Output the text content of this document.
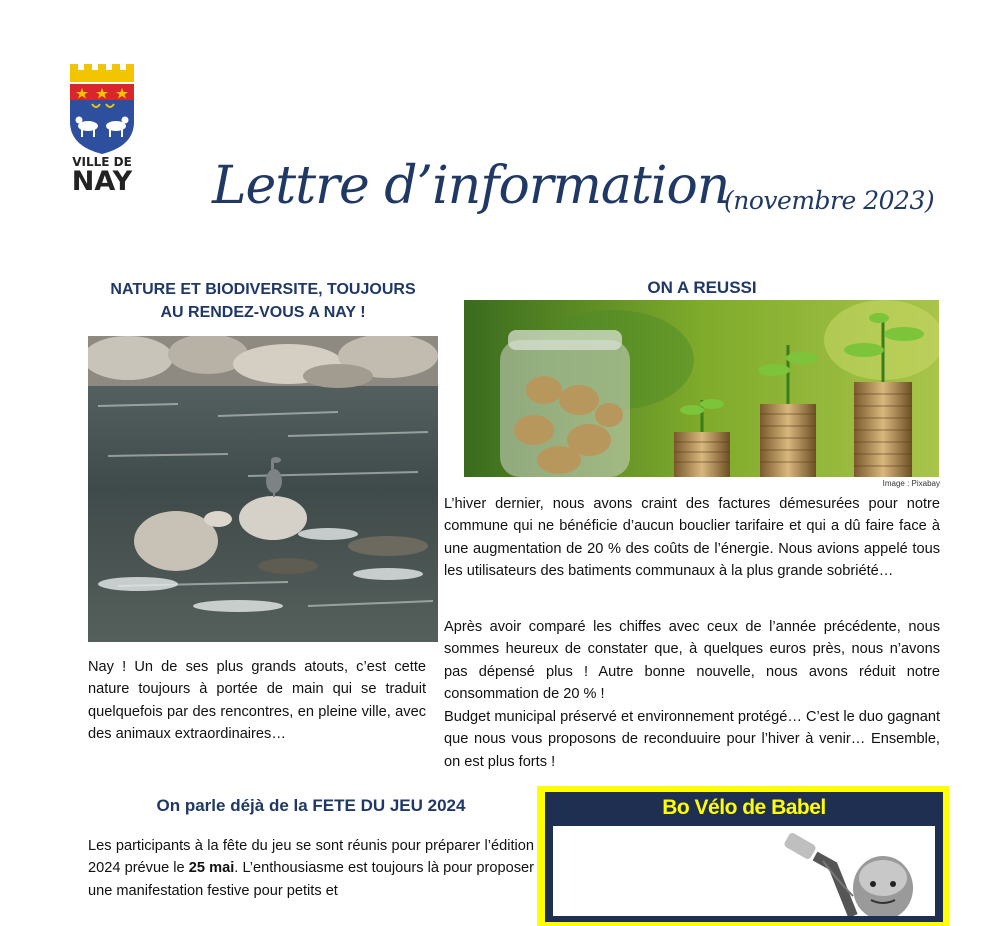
VILLE DE
NAY Lettre d’information
(novembre 2023)
NATURE ET BIODIVERSITE, TOUJOURS
AU RENDEZ-VOUS A NAY !
Nay ! Un de ses plus grands atouts, c’est cette nature toujours à portée de main qui se traduit quelquefois par des rencontres, en pleine ville, avec des animaux extraordinaires…
ON A REUSSI
Image : Pixabay
L’hiver dernier, nous avons craint des factures démesurées pour notre commune qui ne bénéficie d’aucun bouclier tarifaire et qui a dû faire face à une augmentation de 20 % des coûts de l’énergie. Nous avions appelé tous les utilisateurs des batiments communaux à la plus grande sobriété…
Après avoir comparé les chiffes avec ceux de l’année précédente, nous sommes heureux de constater que, à quelques euros près, nous n’avons pas dépensé plus ! Autre bonne nouvelle, nous avons réduit notre consommation de 20 % !
Budget municipal préservé et environnement protégé… C’est le duo gagnant que nous vous proposons de reconduuire pour l’hiver à venir… Ensemble, on est plus forts !
On parle déjà de la FETE DU JEU 2024
Les participants à la fête du jeu se sont réunis pour préparer l’édition 2024 prévue le 25 mai. L’enthousiasme est toujours là pour proposer une manifestation festive pour petits et
Bo Vélo de Babel
